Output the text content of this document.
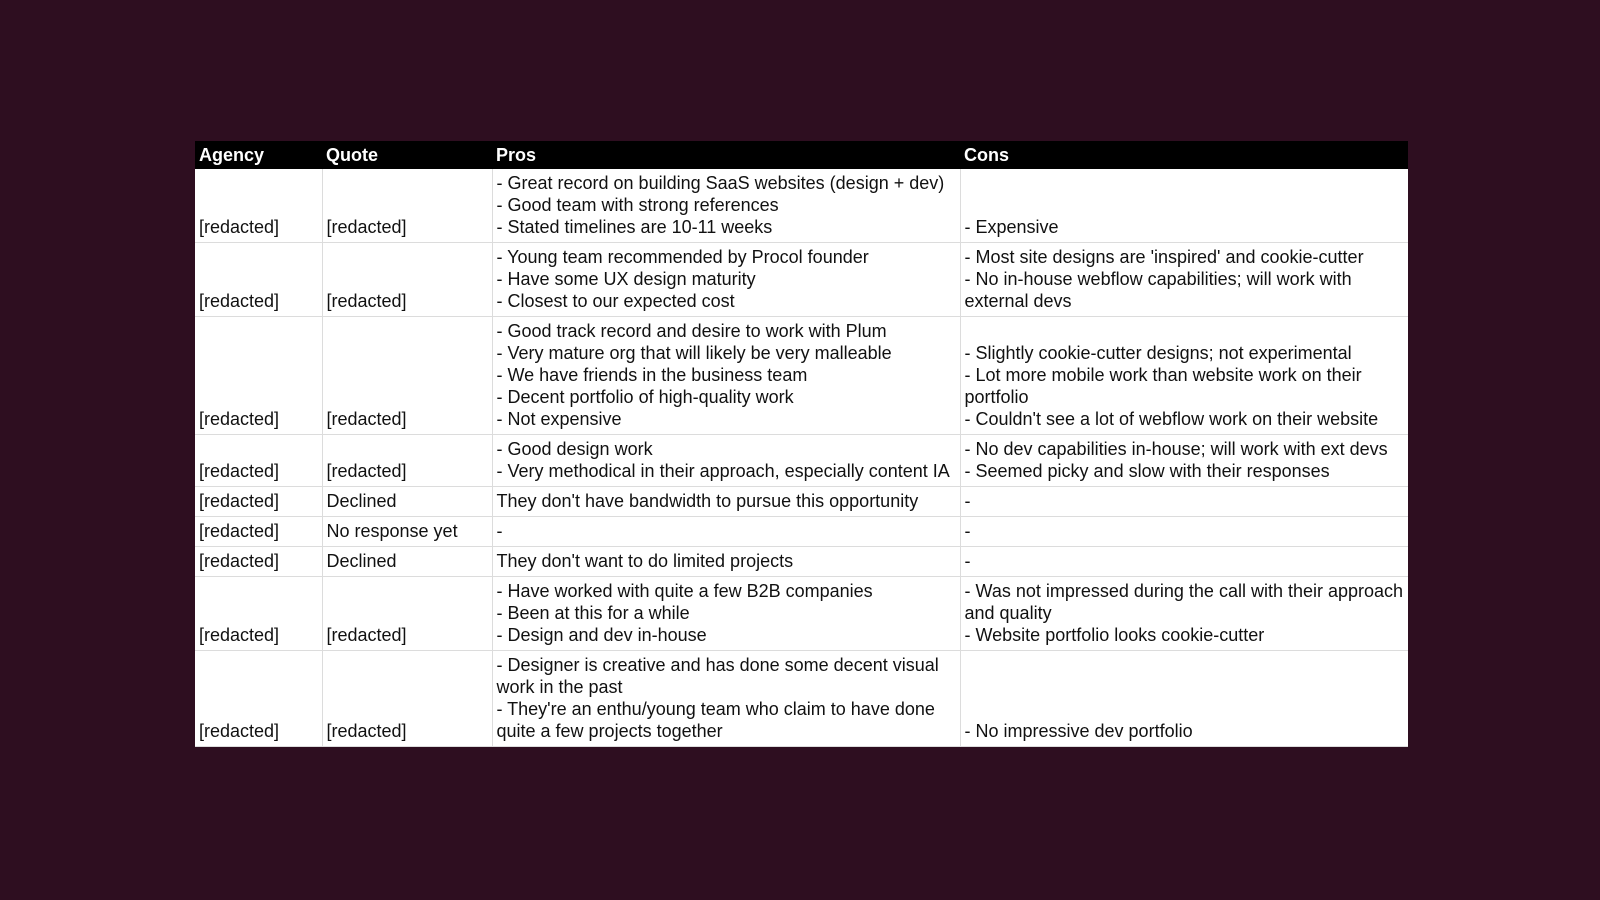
Agency	Quote	Pros	Cons
[redacted]	[redacted]	- Great record on building SaaS websites (design + dev)
- Good team with strong references
- Stated timelines are 10-11 weeks	- Expensive
[redacted]	[redacted]	- Young team recommended by Procol founder
- Have some UX design maturity
- Closest to our expected cost	- Most site designs are 'inspired' and cookie-cutter
- No in-house webflow capabilities; will work with external devs
[redacted]	[redacted]	- Good track record and desire to work with Plum
- Very mature org that will likely be very malleable
- We have friends in the business team
- Decent portfolio of high-quality work
- Not expensive	- Slightly cookie-cutter designs; not experimental
- Lot more mobile work than website work on their portfolio
- Couldn't see a lot of webflow work on their website
[redacted]	[redacted]	- Good design work
- Very methodical in their approach, especially content IA	- No dev capabilities in-house; will work with ext devs
- Seemed picky and slow with their responses
[redacted]	Declined	They don't have bandwidth to pursue this opportunity	-
[redacted]	No response yet	-	-
[redacted]	Declined	They don't want to do limited projects	-
[redacted]	[redacted]	- Have worked with quite a few B2B companies
- Been at this for a while
- Design and dev in-house	- Was not impressed during the call with their approach and quality
- Website portfolio looks cookie-cutter
[redacted]	[redacted]	- Designer is creative and has done some decent visual work in the past
- They're an enthu/young team who claim to have done quite a few projects together	- No impressive dev portfolio
